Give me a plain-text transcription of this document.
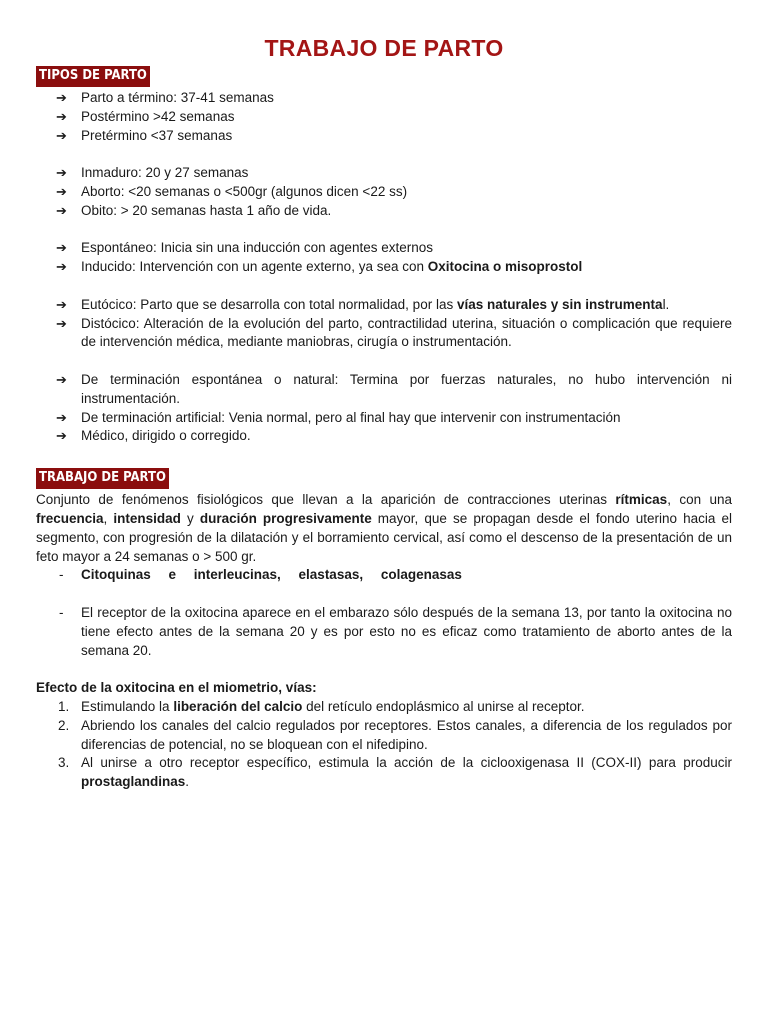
TRABAJO DE PARTO
TIPOS DE PARTO
➔ Parto a término: 37-41 semanas
➔ Postérmino >42 semanas
➔ Pretérmino <37 semanas
➔ Inmaduro: 20 y 27 semanas
➔ Aborto: <20 semanas o <500gr (algunos dicen <22 ss)
➔ Obito: > 20 semanas hasta 1 año de vida.
➔ Espontáneo: Inicia sin una inducción con agentes externos
➔ Inducido: Intervención con un agente externo, ya sea con Oxitocina o misoprostol
➔ Eutócico: Parto que se desarrolla con total normalidad, por las vías naturales y sin instrumental.
➔ Distócico: Alteración de la evolución del parto, contractilidad uterina, situación o complicación que requiere de intervención médica, mediante maniobras, cirugía o instrumentación.
➔ De terminación espontánea o natural: Termina por fuerzas naturales, no hubo intervención ni instrumentación.
➔ De terminación artificial: Venia normal, pero al final hay que intervenir con instrumentación
➔ Médico, dirigido o corregido.
TRABAJO DE PARTO

Conjunto de fenómenos fisiológicos que llevan a la aparición de contracciones uterinas rítmicas, con una frecuencia, intensidad y duración progresivamente mayor, que se propagan desde el fondo uterino hacia el segmento, con progresión de la dilatación y el borramiento cervical, así como el descenso de la presentación de un feto mayor a 24 semanas o > 500 gr.

- Citoquinas e interleucinas, elastasas, colagenasas
- El receptor de la oxitocina aparece en el embarazo sólo después de la semana 13, por tanto la oxitocina no tiene efecto antes de la semana 20 y es por esto no es eficaz como tratamiento de aborto antes de la semana 20.

Efecto de la oxitocina en el miometrio, vías:

1. Estimulando la liberación del calcio del retículo endoplásmico al unirse al receptor.
2. Abriendo los canales del calcio regulados por receptores. Estos canales, a diferencia de los regulados por diferencias de potencial, no se bloquean con el nifedipino.
3. Al unirse a otro receptor específico, estimula la acción de la ciclooxigenasa II (COX-II) para producir prostaglandinas.
